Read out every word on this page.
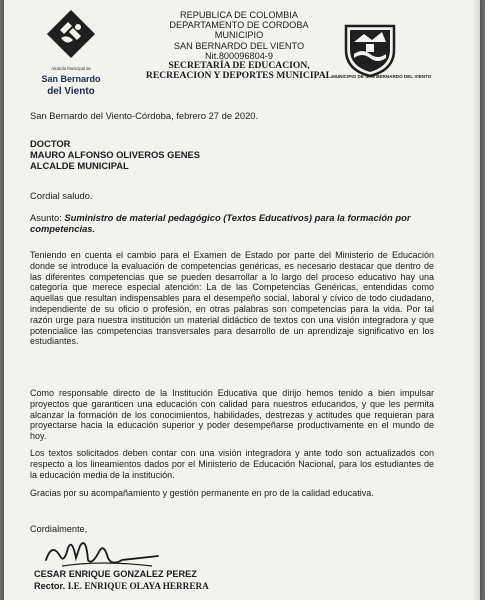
Alcaldía Municipal de
San Bernardo
del Viento
REPUBLICA DE COLOMBIA
DEPARTAMENTO DE CORDOBA
MUNICIPIO
SAN BERNARDO DEL VIENTO
Nit.800096804-9
SECRETARÍA DE EDUCACION,
RECREACION Y DEPORTES MUNICIPAL MUNICIPIO DE SAN BERNARDO DEL VIENTO
San Bernardo del Viento-Córdoba, febrero 27 de 2020.
DOCTOR
MAURO ALFONSO OLIVEROS GENES
ALCALDE MUNICIPAL
Cordial saludo.
Asunto: Suministro de material pedagógico (Textos Educativos) para la formación por competencias.
Teniendo en cuenta el cambio para el Examen de Estado por parte del Ministerio de Educación donde se introduce la evaluación de competencias genéricas, es necesario destacar que dentro de las diferentes competencias que se pueden desarrollar a lo largo del proceso educativo hay una categoría que merece especial atención: La de las Competencias Genéricas, entendidas como aquellas que resultan indispensables para el desempeño social, laboral y cívico de todo ciudadano, independiente de su oficio o profesión, en otras palabras son competencias para la vida. Por tal razón urge para nuestra institución un material didáctico de textos con una visión integradora y que potencialice las competencias transversales para desarrollo de un aprendizaje significativo en los estudiantes.
Como responsable directo de la Institución Educativa que dirijo hemos tenido a bien impulsar proyectos que garanticen una educación con calidad para nuestros educandos, y que les permita alcanzar la formación de los conocimientos, habilidades, destrezas y actitudes que requieran para proyectarse hacia la educación superior y poder desempeñarse productivamente en el mundo de hoy.
Los textos solicitados deben contar con una visión integradora y ante todo son actualizados con respecto a los lineamientos dados por el Ministerio de Educación Nacional, para los estudiantes de la educación media de la institución.
Gracias por su acompañamiento y gestión permanente en pro de la calidad educativa.
Cordialmente,
CESAR ENRIQUE GONZALEZ PEREZ
Rector. I.E. ENRIQUE OLAYA HERRERA
